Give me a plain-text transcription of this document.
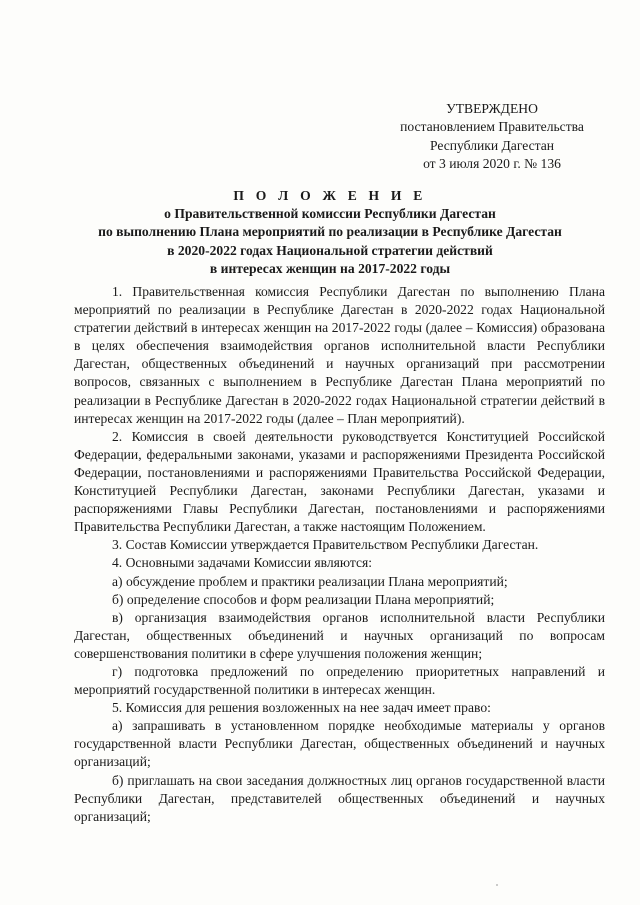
УТВЕРЖДЕНО
постановлением Правительства
Республики Дагестан
от 3 июля 2020 г. № 136
П О Л О Ж Е Н И Е
о Правительственной комиссии Республики Дагестан
по выполнению Плана мероприятий по реализации в Республике Дагестан
в 2020-2022 годах Национальной стратегии действий
в интересах женщин на 2017-2022 годы

1. Правительственная комиссия Республики Дагестан по выполнению Плана мероприятий по реализации в Республике Дагестан в 2020-2022 годах Национальной стратегии действий в интересах женщин на 2017-2022 годы (далее – Комиссия) образована в целях обеспечения взаимодействия органов исполнительной власти Республики Дагестан, общественных объединений и научных организаций при рассмотрении вопросов, связанных с выполнением в Республике Дагестан Плана мероприятий по реализации в Республике Дагестан в 2020-2022 годах Национальной стратегии действий в интересах женщин на 2017-2022 годы (далее – План мероприятий).

2. Комиссия в своей деятельности руководствуется Конституцией Российской Федерации, федеральными законами, указами и распоряжениями Президента Российской Федерации, постановлениями и распоряжениями Правительства Российской Федерации, Конституцией Республики Дагестан, законами Республики Дагестан, указами и распоряжениями Главы Республики Дагестан, постановлениями и распоряжениями Правительства Республики Дагестан, а также настоящим Положением.

3. Состав Комиссии утверждается Правительством Республики Дагестан.

4. Основными задачами Комиссии являются:

а) обсуждение проблем и практики реализации Плана мероприятий;

б) определение способов и форм реализации Плана мероприятий;

в) организация взаимодействия органов исполнительной власти Республики Дагестан, общественных объединений и научных организаций по вопросам совершенствования политики в сфере улучшения положения женщин;

г) подготовка предложений по определению приоритетных направлений и мероприятий государственной политики в интересах женщин.

5. Комиссия для решения возложенных на нее задач имеет право:

а) запрашивать в установленном порядке необходимые материалы у органов государственной власти Республики Дагестан, общественных объединений и научных организаций;

б) приглашать на свои заседания должностных лиц органов государственной власти Республики Дагестан, представителей общественных объединений и научных организаций;
